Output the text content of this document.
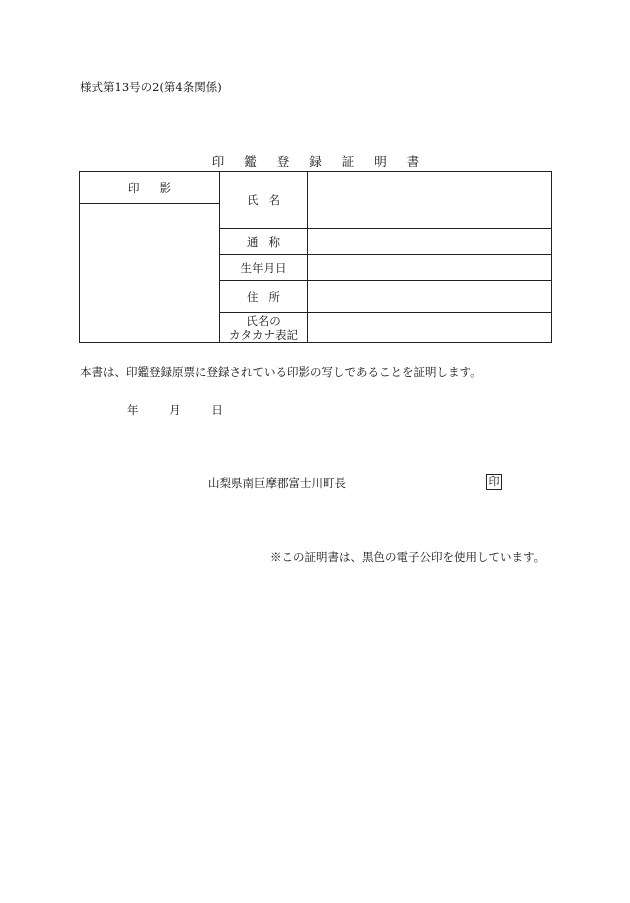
様式第13号の2(第4条関係)
印鑑登録証明書
印影	氏名	

	通称	
	生年月日	
	住所	

	氏名の
カタカナ表記	

本書は、印鑑登録原票に登録されている印影の写しであることを証明します。
年	月	日
山梨県南巨摩郡富士川町長	印
※この証明書は、黒色の電子公印を使用しています。
